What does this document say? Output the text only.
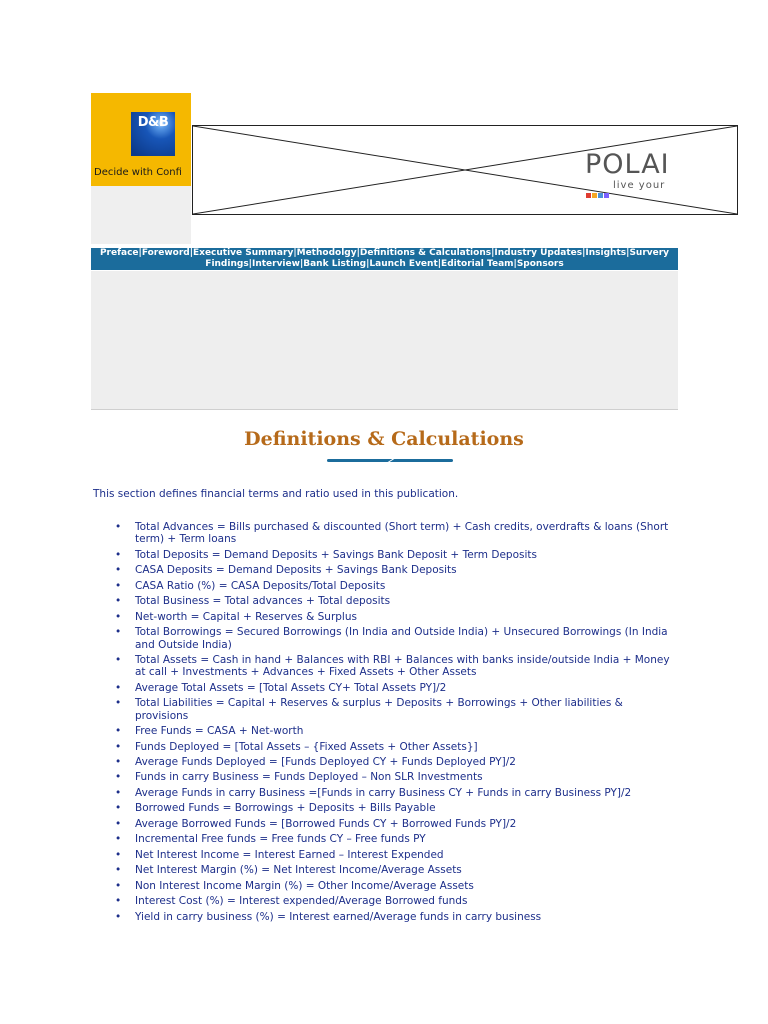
D&B
Decide with Confi	POLAI
live your
Preface|Foreword|Executive Summary|Methodolgy|Definitions & Calculations|Industry Updates|Insights|Survery Findings|Interview|Bank Listing|Launch Event|Editorial Team|Sponsors
Definitions & Calculations
This section defines financial terms and ratio used in this publication.
• Total Advances = Bills purchased & discounted (Short term) + Cash credits, overdrafts & loans (Short term) + Term loans
• Total Deposits = Demand Deposits + Savings Bank Deposit + Term Deposits
• CASA Deposits = Demand Deposits + Savings Bank Deposits
• CASA Ratio (%) = CASA Deposits/Total Deposits
• Total Business = Total advances + Total deposits
• Net-worth = Capital + Reserves & Surplus
• Total Borrowings = Secured Borrowings (In India and Outside India) + Unsecured Borrowings (In India and Outside India)
• Total Assets = Cash in hand + Balances with RBI + Balances with banks inside/outside India + Money at call + Investments + Advances + Fixed Assets + Other Assets
• Average Total Assets = [Total Assets CY+ Total Assets PY]/2
• Total Liabilities = Capital + Reserves & surplus + Deposits + Borrowings + Other liabilities & provisions
• Free Funds = CASA + Net-worth
• Funds Deployed = [Total Assets – {Fixed Assets + Other Assets}]
• Average Funds Deployed = [Funds Deployed CY + Funds Deployed PY]/2
• Funds in carry Business = Funds Deployed – Non SLR Investments
• Average Funds in carry Business =[Funds in carry Business CY + Funds in carry Business PY]/2
• Borrowed Funds = Borrowings + Deposits + Bills Payable
• Average Borrowed Funds = [Borrowed Funds CY + Borrowed Funds PY]/2
• Incremental Free funds = Free funds CY – Free funds PY
• Net Interest Income = Interest Earned – Interest Expended
• Net Interest Margin (%) = Net Interest Income/Average Assets
• Non Interest Income Margin (%) = Other Income/Average Assets
• Interest Cost (%) = Interest expended/Average Borrowed funds
• Yield in carry business (%) = Interest earned/Average funds in carry business
